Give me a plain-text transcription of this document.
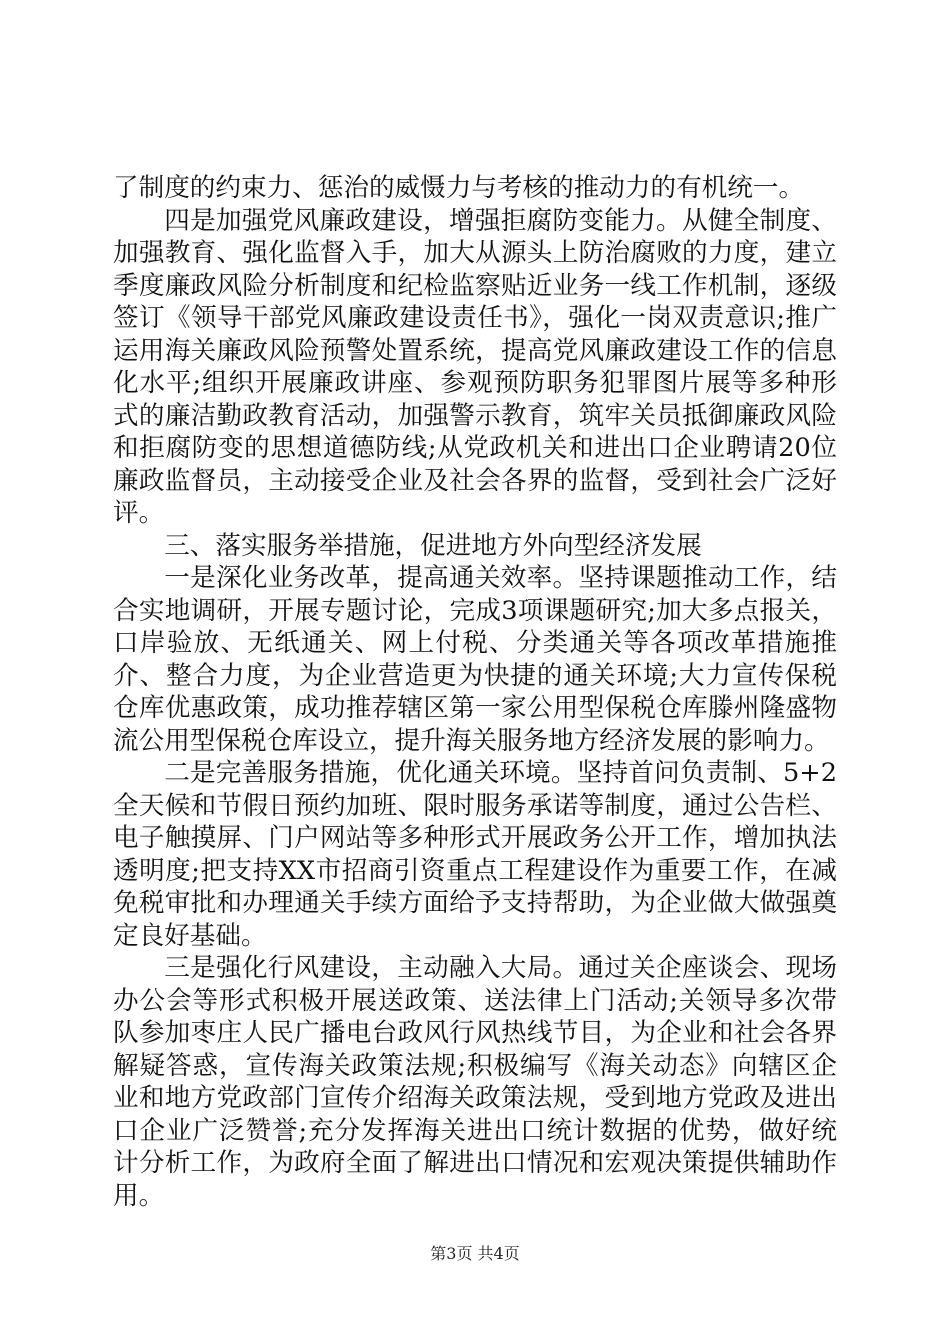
了制度的约束力、惩治的威慑力与考核的推动力的有机统一。

四是加强党风廉政建设，增强拒腐防变能力。从健全制度、加强教育、强化监督入手，加大从源头上防治腐败的力度，建立季度廉政风险分析制度和纪检监察贴近业务一线工作机制，逐级签订《领导干部党风廉政建设责任书》，强化一岗双责意识;推广运用海关廉政风险预警处置系统，提高党风廉政建设工作的信息化水平;组织开展廉政讲座、参观预防职务犯罪图片展等多种形式的廉洁勤政教育活动，加强警示教育，筑牢关员抵御廉政风险和拒腐防变的思想道德防线;从党政机关和进出口企业聘请20位廉政监督员，主动接受企业及社会各界的监督，受到社会广泛好评。

三、落实服务举措施，促进地方外向型经济发展

一是深化业务改革，提高通关效率。坚持课题推动工作，结合实地调研，开展专题讨论，完成3项课题研究;加大多点报关，口岸验放、无纸通关、网上付税、分类通关等各项改革措施推介、整合力度，为企业营造更为快捷的通关环境;大力宣传保税仓库优惠政策，成功推荐辖区第一家公用型保税仓库滕州隆盛物流公用型保税仓库设立，提升海关服务地方经济发展的影响力。

二是完善服务措施，优化通关环境。坚持首问负责制、5+2全天候和节假日预约加班、限时服务承诺等制度，通过公告栏、电子触摸屏、门户网站等多种形式开展政务公开工作，增加执法透明度;把支持XX市招商引资重点工程建设作为重要工作，在减免税审批和办理通关手续方面给予支持帮助，为企业做大做强奠定良好基础。

三是强化行风建设，主动融入大局。通过关企座谈会、现场办公会等形式积极开展送政策、送法律上门活动;关领导多次带队参加枣庄人民广播电台政风行风热线节目，为企业和社会各界解疑答惑，宣传海关政策法规;积极编写《海关动态》向辖区企业和地方党政部门宣传介绍海关政策法规，受到地方党政及进出口企业广泛赞誉;充分发挥海关进出口统计数据的优势，做好统计分析工作，为政府全面了解进出口情况和宏观决策提供辅助作用。

第3页 共4页
